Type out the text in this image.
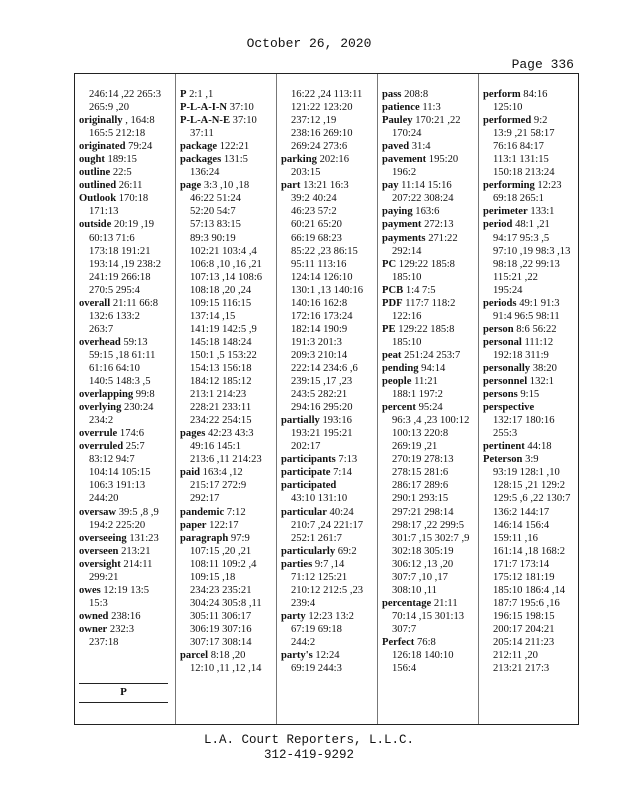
October 26, 2020
Page 336
246:14 ,22 265:3
265:9 ,20
originally , 164:8
165:5 212:18
originated 79:24
ought 189:15
outline 22:5
outlined 26:11
Outlook 170:18
171:13
outside 20:19 ,19
60:13 71:6
173:18 191:21
193:14 ,19 238:2
241:19 266:18
270:5 295:4
overall 21:11 66:8
132:6 133:2
263:7
overhead 59:13
59:15 ,18 61:11
61:16 64:10
140:5 148:3 ,5
overlapping 99:8
overlying 230:24
234:2
overrule 174:6
overruled 25:7
83:12 94:7
104:14 105:15
106:3 191:13
244:20
oversaw 39:5 ,8 ,9
194:2 225:20
overseeing 131:23
overseen 213:21
oversight 214:11
299:21
owes 12:19 13:5
15:3
owned 238:16
owner 232:3
237:18
P 2:1 ,1
P-L-A-I-N 37:10
P-L-A-N-E 37:10
37:11
package 122:21
packages 131:5
136:24
page 3:3 ,10 ,18
46:22 51:24
52:20 54:7
57:13 83:15
89:3 90:19
102:21 103:4 ,4
106:8 ,10 ,16 ,21
107:13 ,14 108:6
108:18 ,20 ,24
109:15 116:15
137:14 ,15
141:19 142:5 ,9
145:18 148:24
150:1 ,5 153:22
154:13 156:18
184:12 185:12
213:1 214:23
228:21 233:11
234:22 254:15
pages 42:23 43:3
49:16 145:1
213:6 ,11 214:23
paid 163:4 ,12
215:17 272:9
292:17
pandemic 7:12
paper 122:17
paragraph 97:9
107:15 ,20 ,21
108:11 109:2 ,4
109:15 ,18
234:23 235:21
304:24 305:8 ,11
305:11 306:17
306:19 307:16
307:17 308:14
parcel 8:18 ,20
12:10 ,11 ,12 ,14
16:22 ,24 113:11
121:22 123:20
237:12 ,19
238:16 269:10
269:24 273:6
parking 202:16
203:15
part 13:21 16:3
39:2 40:24
46:23 57:2
60:21 65:20
66:19 68:23
85:22 ,23 86:15
95:11 113:16
124:14 126:10
130:1 ,13 140:16
140:16 162:8
172:16 173:24
182:14 190:9
191:3 201:3
209:3 210:14
222:14 234:6 ,6
239:15 ,17 ,23
243:5 282:21
294:16 295:20
partially 193:16
193:21 195:21
202:17
participants 7:13
participate 7:14
participated
43:10 131:10
particular 40:24
210:7 ,24 221:17
252:1 261:7
particularly 69:2
parties 9:7 ,14
71:12 125:21
210:12 212:5 ,23
239:4
party 12:23 13:2
67:19 69:18
244:2
party's 12:24
69:19 244:3
pass 208:8
patience 11:3
Pauley 170:21 ,22
170:24
paved 31:4
pavement 195:20
196:2
pay 11:14 15:16
207:22 308:24
paying 163:6
payment 272:13
payments 271:22
292:14
PC 129:22 185:8
185:10
PCB 1:4 7:5
PDF 117:7 118:2
122:16
PE 129:22 185:8
185:10
peat 251:24 253:7
pending 94:14
people 11:21
188:1 197:2
percent 95:24
96:3 ,4 ,23 100:12
100:13 220:8
269:19 ,21
270:19 278:13
278:15 281:6
286:17 289:6
290:1 293:15
297:21 298:14
298:17 ,22 299:5
301:7 ,15 302:7 ,9
302:18 305:19
306:12 ,13 ,20
307:7 ,10 ,17
308:10 ,11
percentage 21:11
70:14 ,15 301:13
307:7
Perfect 76:8
126:18 140:10
156:4
perform 84:16
125:10
performed 9:2
13:9 ,21 58:17
76:16 84:17
113:1 131:15
150:18 213:24
performing 12:23
69:18 265:1
perimeter 133:1
period 48:1 ,21
94:17 95:3 ,5
97:10 ,19 98:3 ,13
98:18 ,22 99:13
115:21 ,22
195:24
periods 49:1 91:3
91:4 96:5 98:11
person 8:6 56:22
personal 111:12
192:18 311:9
personally 38:20
personnel 132:1
persons 9:15
perspective
132:17 180:16
255:3
pertinent 44:18
Peterson 3:9
93:19 128:1 ,10
128:15 ,21 129:2
129:5 ,6 ,22 130:7
136:2 144:17
146:14 156:4
159:11 ,16
161:14 ,18 168:2
171:7 173:14
175:12 181:19
185:10 186:4 ,14
187:7 195:6 ,16
196:15 198:15
200:17 204:21
205:14 211:23
212:11 ,20
213:21 217:3
P
L.A. Court Reporters, L.L.C.
312-419-9292
